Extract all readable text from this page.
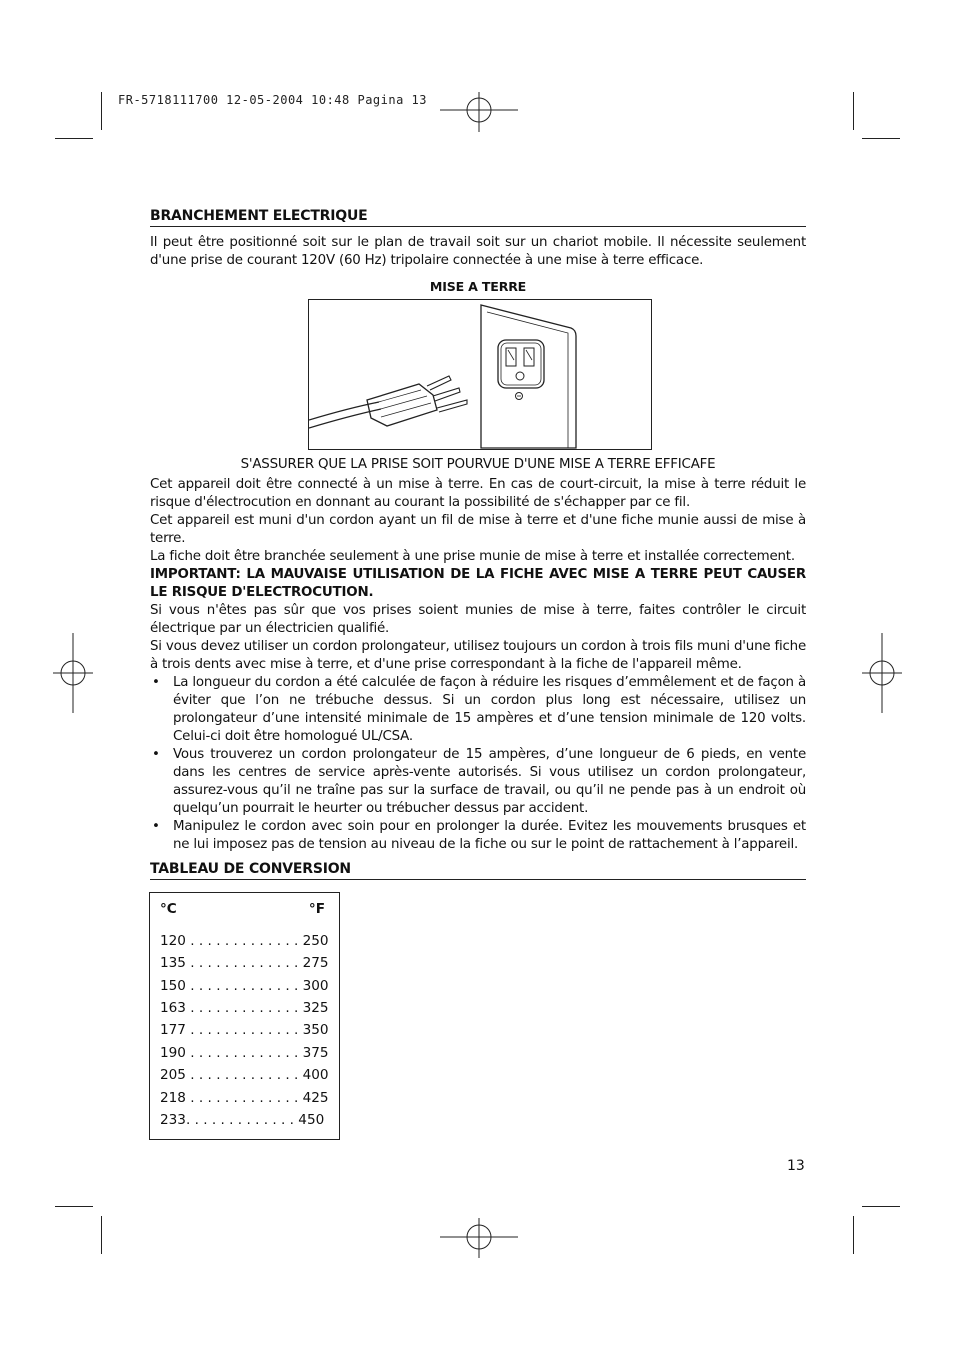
FR-5718111700 12-05-2004 10:48 Pagina 13
BRANCHEMENT ELECTRIQUE
Il peut être positionné soit sur le plan de travail soit sur un chariot mobile. Il nécessite seulement d'une prise de courant 120V (60 Hz) tripolaire connectée à une mise à terre efficace.
MISE A TERRE
S'ASSURER QUE LA PRISE SOIT POURVUE D'UNE MISE A TERRE EFFICAFE

Cet appareil doit être connecté à un mise à terre. En cas de court-circuit, la mise à terre réduit le risque d'électrocution en donnant au courant la possibilité de s'échapper par ce fil.

Cet appareil est muni d'un cordon ayant un fil de mise à terre et d'une fiche munie aussi de mise à terre.

La fiche doit être branchée seulement à une prise munie de mise à terre et installée correctement.

IMPORTANT: LA MAUVAISE UTILISATION DE LA FICHE AVEC MISE A TERRE PEUT CAUSER LE RISQUE D'ELECTROCUTION.

Si vous n'êtes pas sûr que vos prises soient munies de mise à terre, faites contrôler le circuit électrique par un électricien qualifié.

Si vous devez utiliser un cordon prolongateur, utilisez toujours un cordon à trois fils muni d'une fiche à trois dents avec mise à terre, et d'une prise correspondant à la fiche de l'appareil même.

• La longueur du cordon a été calculée de façon à réduire les risques d’emmêlement et de façon à éviter que l’on ne trébuche dessus. Si un cordon plus long est nécessaire, utilisez un prolongateur d’une intensité minimale de 15 ampères et d’une tension minimale de 120 volts. Celui-ci doit être homologué UL/CSA.
• Vous trouverez un cordon prolongateur de 15 ampères, d’une longueur de 6 pieds, en vente dans les centres de service après-vente autorisés. Si vous utilisez un cordon prolongateur, assurez-vous qu’il ne traîne pas sur la surface de travail, ou qu’il ne pende pas à un endroit où quelqu’un pourrait le heurter ou trébucher dessus par accident.
• Manipulez le cordon avec soin pour en prolonger la durée. Evitez les mouvements brusques et ne lui imposez pas de tension au niveau de la fiche ou sur le point de rattachement à l’appareil.
TABLEAU DE CONVERSION
°C	°F
120 . . . . . . . . . . . . . 250
135 . . . . . . . . . . . . . 275
150 . . . . . . . . . . . . . 300
163 . . . . . . . . . . . . . 325
177 . . . . . . . . . . . . . 350
190 . . . . . . . . . . . . . 375
205 . . . . . . . . . . . . . 400
218 . . . . . . . . . . . . . 425
233. . . . . . . . . . . . . 450
13
